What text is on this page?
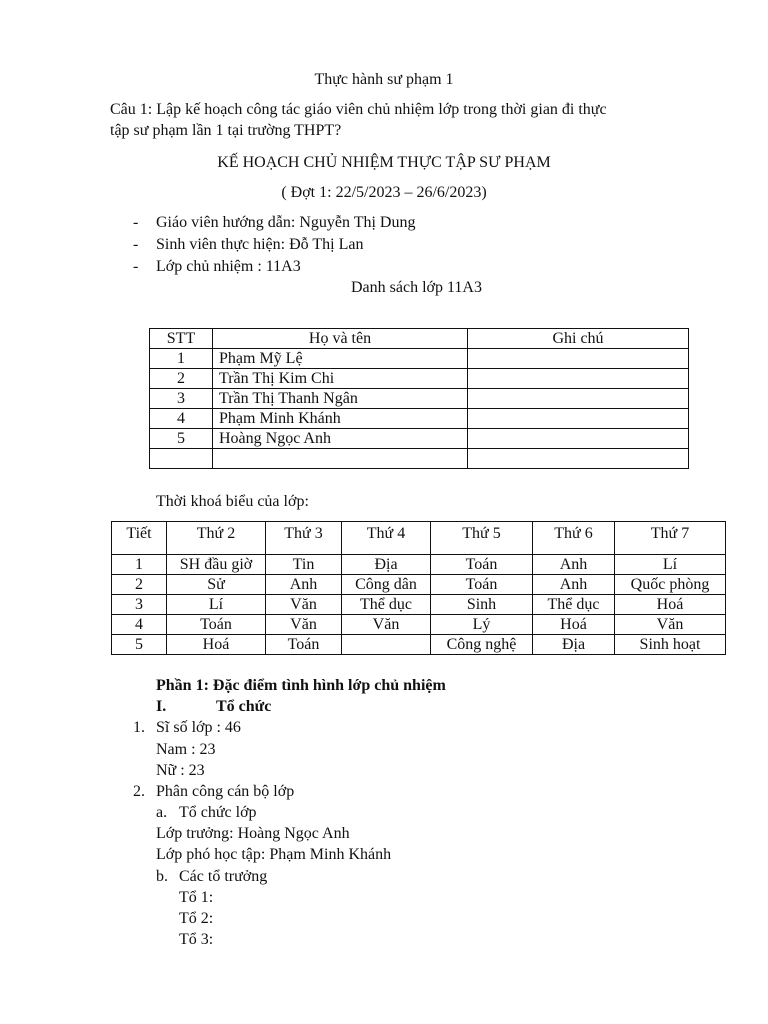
Thực hành sư phạm 1
Câu 1: Lập kế hoạch công tác giáo viên chủ nhiệm lớp trong thời gian đi thực
tập sư phạm lần 1 tại trường THPT?
KẾ HOẠCH CHỦ NHIỆM THỰC TẬP SƯ PHẠM
( Đợt 1: 22/5/2023 – 26/6/2023)
- Giáo viên hướng dẫn: Nguyễn Thị Dung
- Sinh viên thực hiện: Đỗ Thị Lan
- Lớp chủ nhiệm : 11A3
Danh sách lớp 11A3
STT	Họ và tên	Ghi chú
1	Phạm Mỹ Lệ	
2	Trần Thị Kim Chi	
3	Trần Thị Thanh Ngân	
4	Phạm Minh Khánh	
5	Hoàng Ngọc Anh	

Thời khoá biểu của lớp:
Tiết	Thứ 2	Thứ 3	Thứ 4	Thứ 5	Thứ 6	Thứ 7
1	SH đầu giờ	Tin	Địa	Toán	Anh	Lí
2	Sử	Anh	Công dân	Toán	Anh	Quốc phòng
3	Lí	Văn	Thể dục	Sinh	Thể dục	Hoá
4	Toán	Văn	Văn	Lý	Hoá	Văn
5	Hoá	Toán		Công nghệ	Địa	Sinh hoạt
Phần 1: Đặc điểm tình hình lớp chủ nhiệm
I.	Tổ chức
1. Sĩ số lớp : 46
Nam : 23
Nữ : 23
2. Phân công cán bộ lớp
a. Tổ chức lớp
Lớp trưởng: Hoàng Ngọc Anh
Lớp phó học tập: Phạm Minh Khánh
b. Các tổ trưởng
Tổ 1:
Tổ 2:
Tổ 3:
